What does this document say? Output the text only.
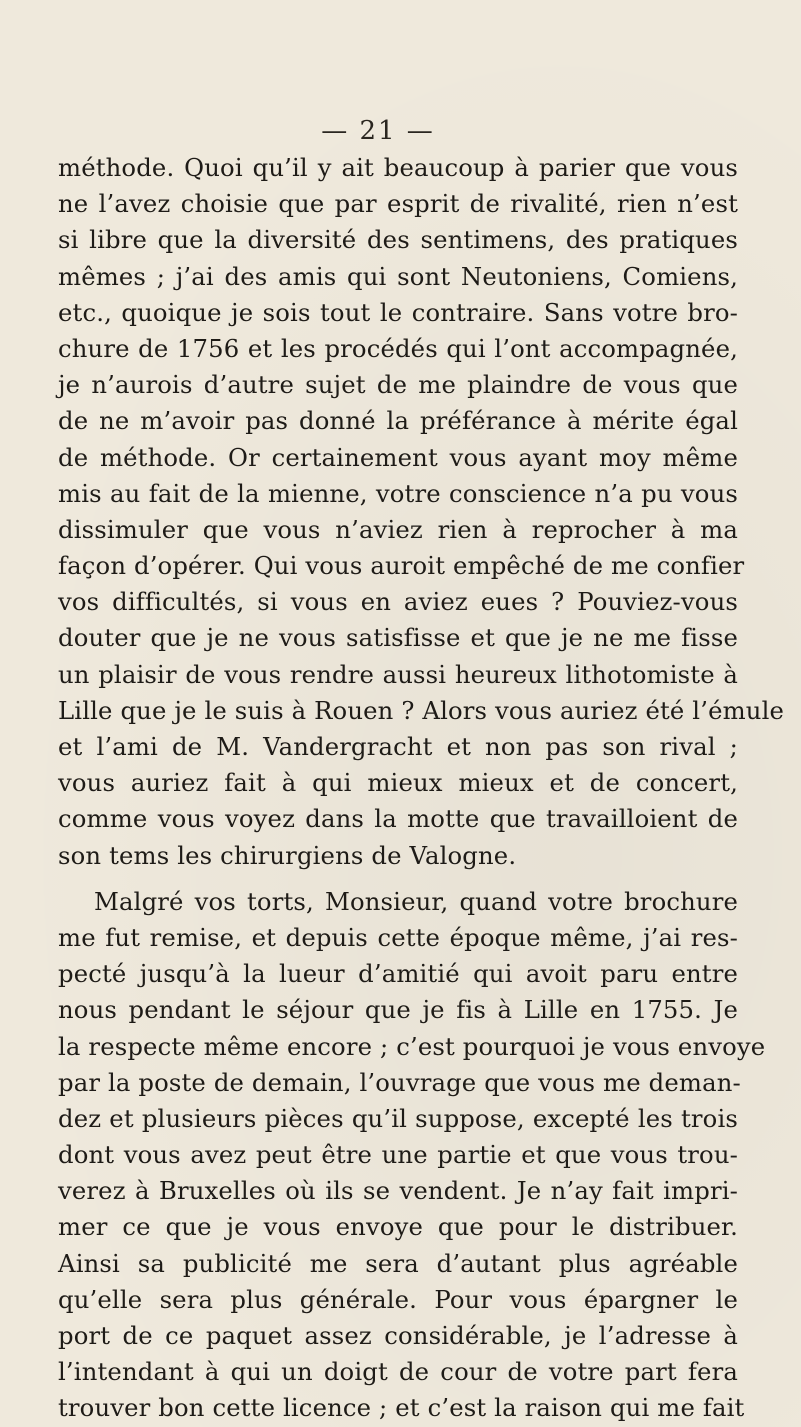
— 21 —
méthode. Quoi qu’il y ait beaucoup à parier que vous
ne l’avez choisie que par esprit de rivalité, rien n’est
si libre que la diversité des sentimens, des pratiques
mêmes ; j’ai des amis qui sont Neutoniens, Comiens,
etc., quoique je sois tout le contraire. Sans votre bro-
chure de 1756 et les procédés qui l’ont accompagnée,
je n’aurois d’autre sujet de me plaindre de vous que
de ne m’avoir pas donné la préférance à mérite égal
de méthode. Or certainement vous ayant moy même
mis au fait de la mienne, votre conscience n’a pu vous
dissimuler que vous n’aviez rien à reprocher à ma
façon d’opérer. Qui vous auroit empêché de me confier
vos difficultés, si vous en aviez eues ? Pouviez-vous
douter que je ne vous satisfisse et que je ne me fisse
un plaisir de vous rendre aussi heureux lithotomiste à
Lille que je le suis à Rouen ? Alors vous auriez été l’émule
et l’ami de M. Vandergracht et non pas son rival ;
vous auriez fait à qui mieux mieux et de concert,
comme vous voyez dans la motte que travailloient de
son tems les chirurgiens de Valogne.
Malgré vos torts, Monsieur, quand votre brochure
me fut remise, et depuis cette époque même, j’ai res-
pecté jusqu’à la lueur d’amitié qui avoit paru entre
nous pendant le séjour que je fis à Lille en 1755. Je
la respecte même encore ; c’est pourquoi je vous envoye
par la poste de demain, l’ouvrage que vous me deman-
dez et plusieurs pièces qu’il suppose, excepté les trois
dont vous avez peut être une partie et que vous trou-
verez à Bruxelles où ils se vendent. Je n’ay fait impri-
mer ce que je vous envoye que pour le distribuer.
Ainsi sa publicité me sera d’autant plus agréable
qu’elle sera plus générale. Pour vous épargner le
port de ce paquet assez considérable, je l’adresse à
l’intendant à qui un doigt de cour de votre part fera
trouver bon cette licence ; et c’est la raison qui me fait
